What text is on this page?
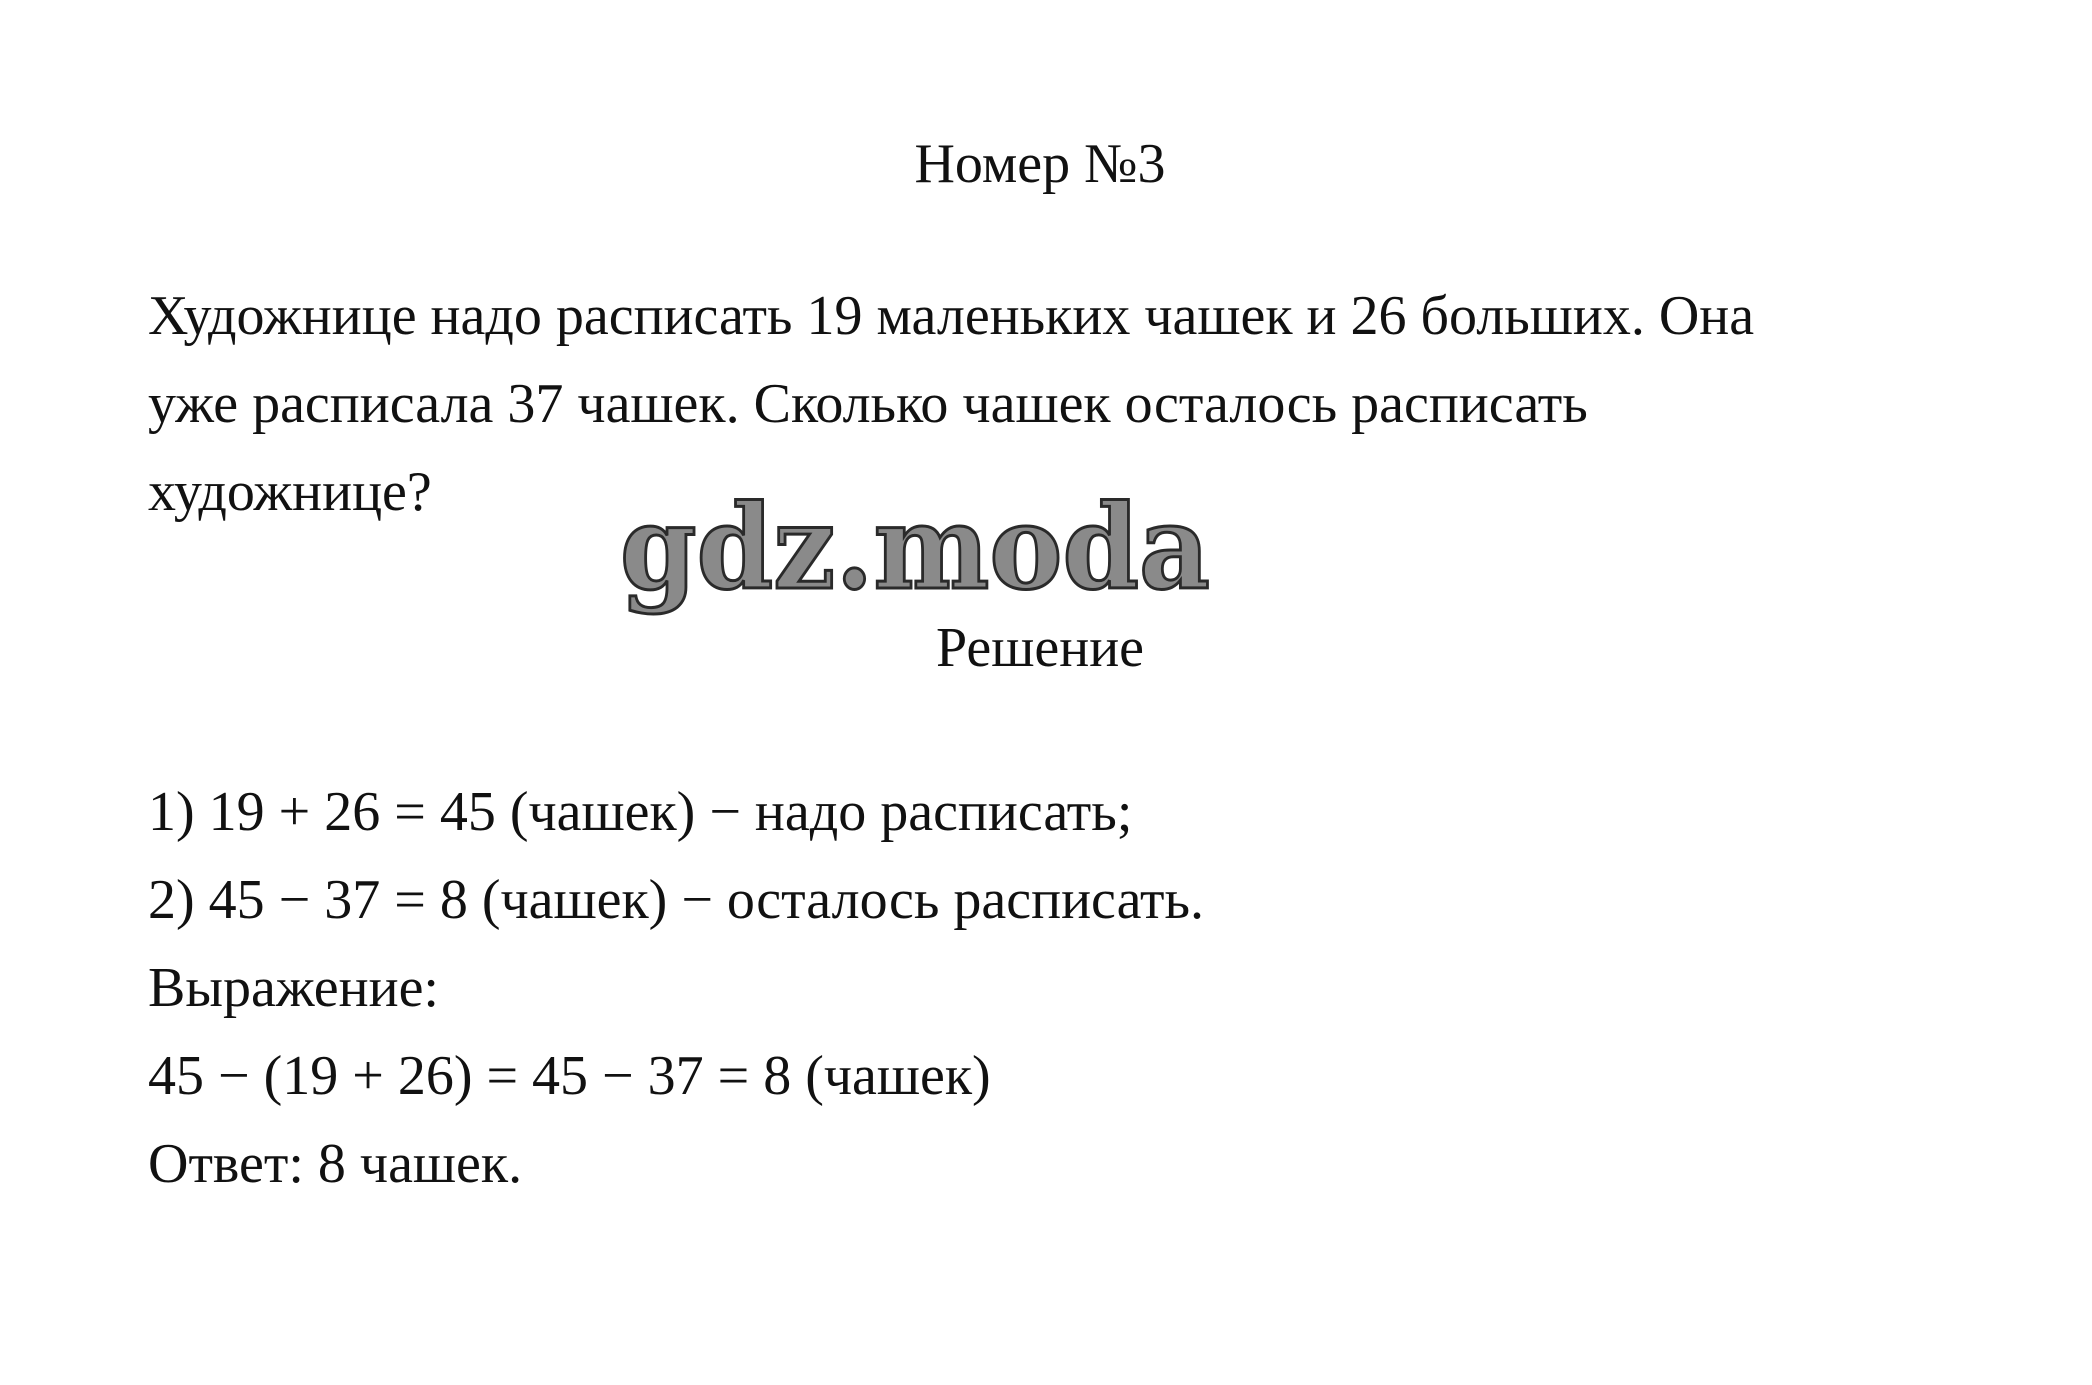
Номер №3
Художнице надо расписать 19 маленьких чашек и 26 больших. Она
уже расписала 37 чашек. Сколько чашек осталось расписать
художнице?	gdz.moda
Решение
1) 19 + 26 = 45 (чашек) − надо расписать;
2) 45 − 37 = 8 (чашек) − осталось расписать.
Выражение:
45 − (19 + 26) = 45 − 37 = 8 (чашек)
Ответ: 8 чашек.
